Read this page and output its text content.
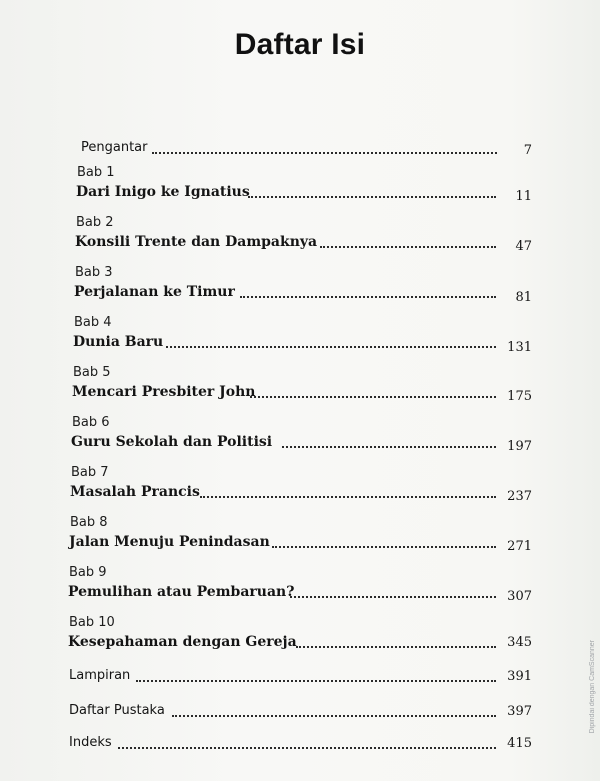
Daftar Isi
Pengantar	7
Bab 1
Dari Inigo ke Ignatius	11
Bab 2
Konsili Trente dan Dampaknya	47
Bab 3
Perjalanan ke Timur	81
Bab 4
Dunia Baru	131
Bab 5
Mencari Presbiter John	175
Bab 6
Guru Sekolah dan Politisi	197
Bab 7
Masalah Prancis	237
Bab 8
Jalan Menuju Penindasan	271
Bab 9
Pemulihan atau Pembaruan?	307
Bab 10
Kesepahaman dengan Gereja	345
Lampiran	391
Daftar Pustaka	397
Indeks	415
Dipindai dengan CamScanner
